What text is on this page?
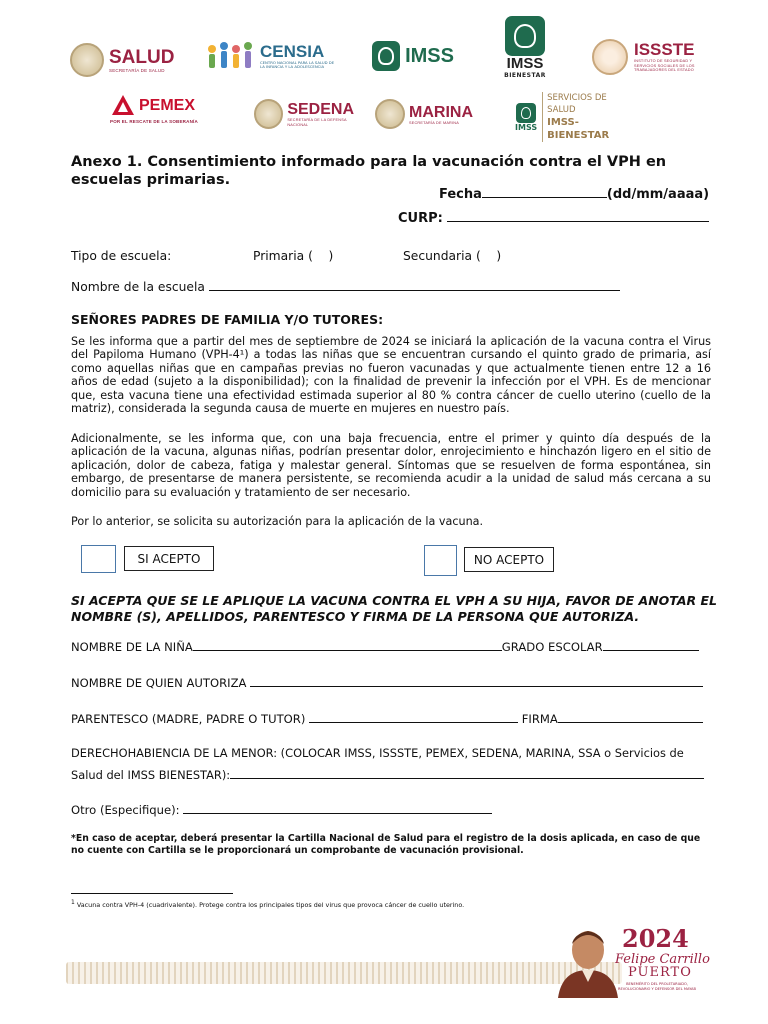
SALUD
SECRETARÍA DE SALUD
CENSIA
CENTRO NACIONAL PARA LA SALUD DE LA INFANCIA Y LA ADOLESCENCIA	IMSS	IMSS
BIENESTAR
ISSSTE
INSTITUTO DE SEGURIDAD Y SERVICIOS SOCIALES DE LOS TRABAJADORES DEL ESTADO
PEMEX
POR EL RESCATE DE LA SOBERANÍA
SEDENA
SECRETARÍA DE LA DEFENSA NACIONAL
MARINA
SECRETARÍA DE MARINA	IMSS
SERVICIOS DE SALUD
IMSS-BIENESTAR
Anexo 1. Consentimiento informado para la vacunación contra el VPH en escuelas primarias.
Fecha	(dd/mm/aaaa)
CURP:
Tipo de escuela:	Primaria (    )	Secundaria (    )
Nombre de la escuela
SEÑORES PADRES DE FAMILIA Y/O TUTORES:
Se les informa que a partir del mes de septiembre de 2024 se iniciará la aplicación de la vacuna contra el Virus del Papiloma Humano (VPH-4¹) a todas las niñas que se encuentran cursando el quinto grado de primaria, así como aquellas niñas que en campañas previas no fueron vacunadas y que actualmente tienen entre 12 a 16 años de edad (sujeto a la disponibilidad); con la finalidad de prevenir la infección por el VPH. Es de mencionar que, esta vacuna tiene una efectividad estimada superior al 80 % contra cáncer de cuello uterino (cuello de la matriz), considerada la segunda causa de muerte en mujeres en nuestro país.
Adicionalmente, se les informa que, con una baja frecuencia, entre el primer y quinto día después de la aplicación de la vacuna, algunas niñas, podrían presentar dolor, enrojecimiento e hinchazón ligero en el sitio de aplicación, dolor de cabeza, fatiga y malestar general. Síntomas que se resuelven de forma espontánea, sin embargo, de presentarse de manera persistente, se recomienda acudir a la unidad de salud más cercana a su domicilio para su evaluación y tratamiento de ser necesario.
Por lo anterior, se solicita su autorización para la aplicación de la vacuna.
SI ACEPTO	NO ACEPTO
SI ACEPTA QUE SE LE APLIQUE LA VACUNA CONTRA EL VPH A SU HIJA, FAVOR DE ANOTAR EL NOMBRE (S), APELLIDOS, PARENTESCO Y FIRMA DE LA PERSONA QUE AUTORIZA.
NOMBRE DE LA NIÑA	GRADO ESCOLAR
NOMBRE DE QUIEN AUTORIZA
PARENTESCO (MADRE, PADRE O TUTOR)	FIRMA
DERECHOHABIENCIA DE LA MENOR: (COLOCAR IMSS, ISSSTE, PEMEX, SEDENA, MARINA, SSA o Servicios de
Salud del IMSS BIENESTAR):
Otro (Especifique):
*En caso de aceptar, deberá presentar la Cartilla Nacional de Salud para el registro de la dosis aplicada, en caso de que no cuente con Cartilla se le proporcionará un comprobante de vacunación provisional.
$^1$ Vacuna contra VPH-4 (cuadrivalente). Protege contra los principales tipos del virus que provoca cáncer de cuello uterino.
2024
Felipe Carrillo
PUERTO
BENEMÉRITO DEL PROLETARIADO, REVOLUCIONARIO Y DEFENSOR DEL MAYAB
